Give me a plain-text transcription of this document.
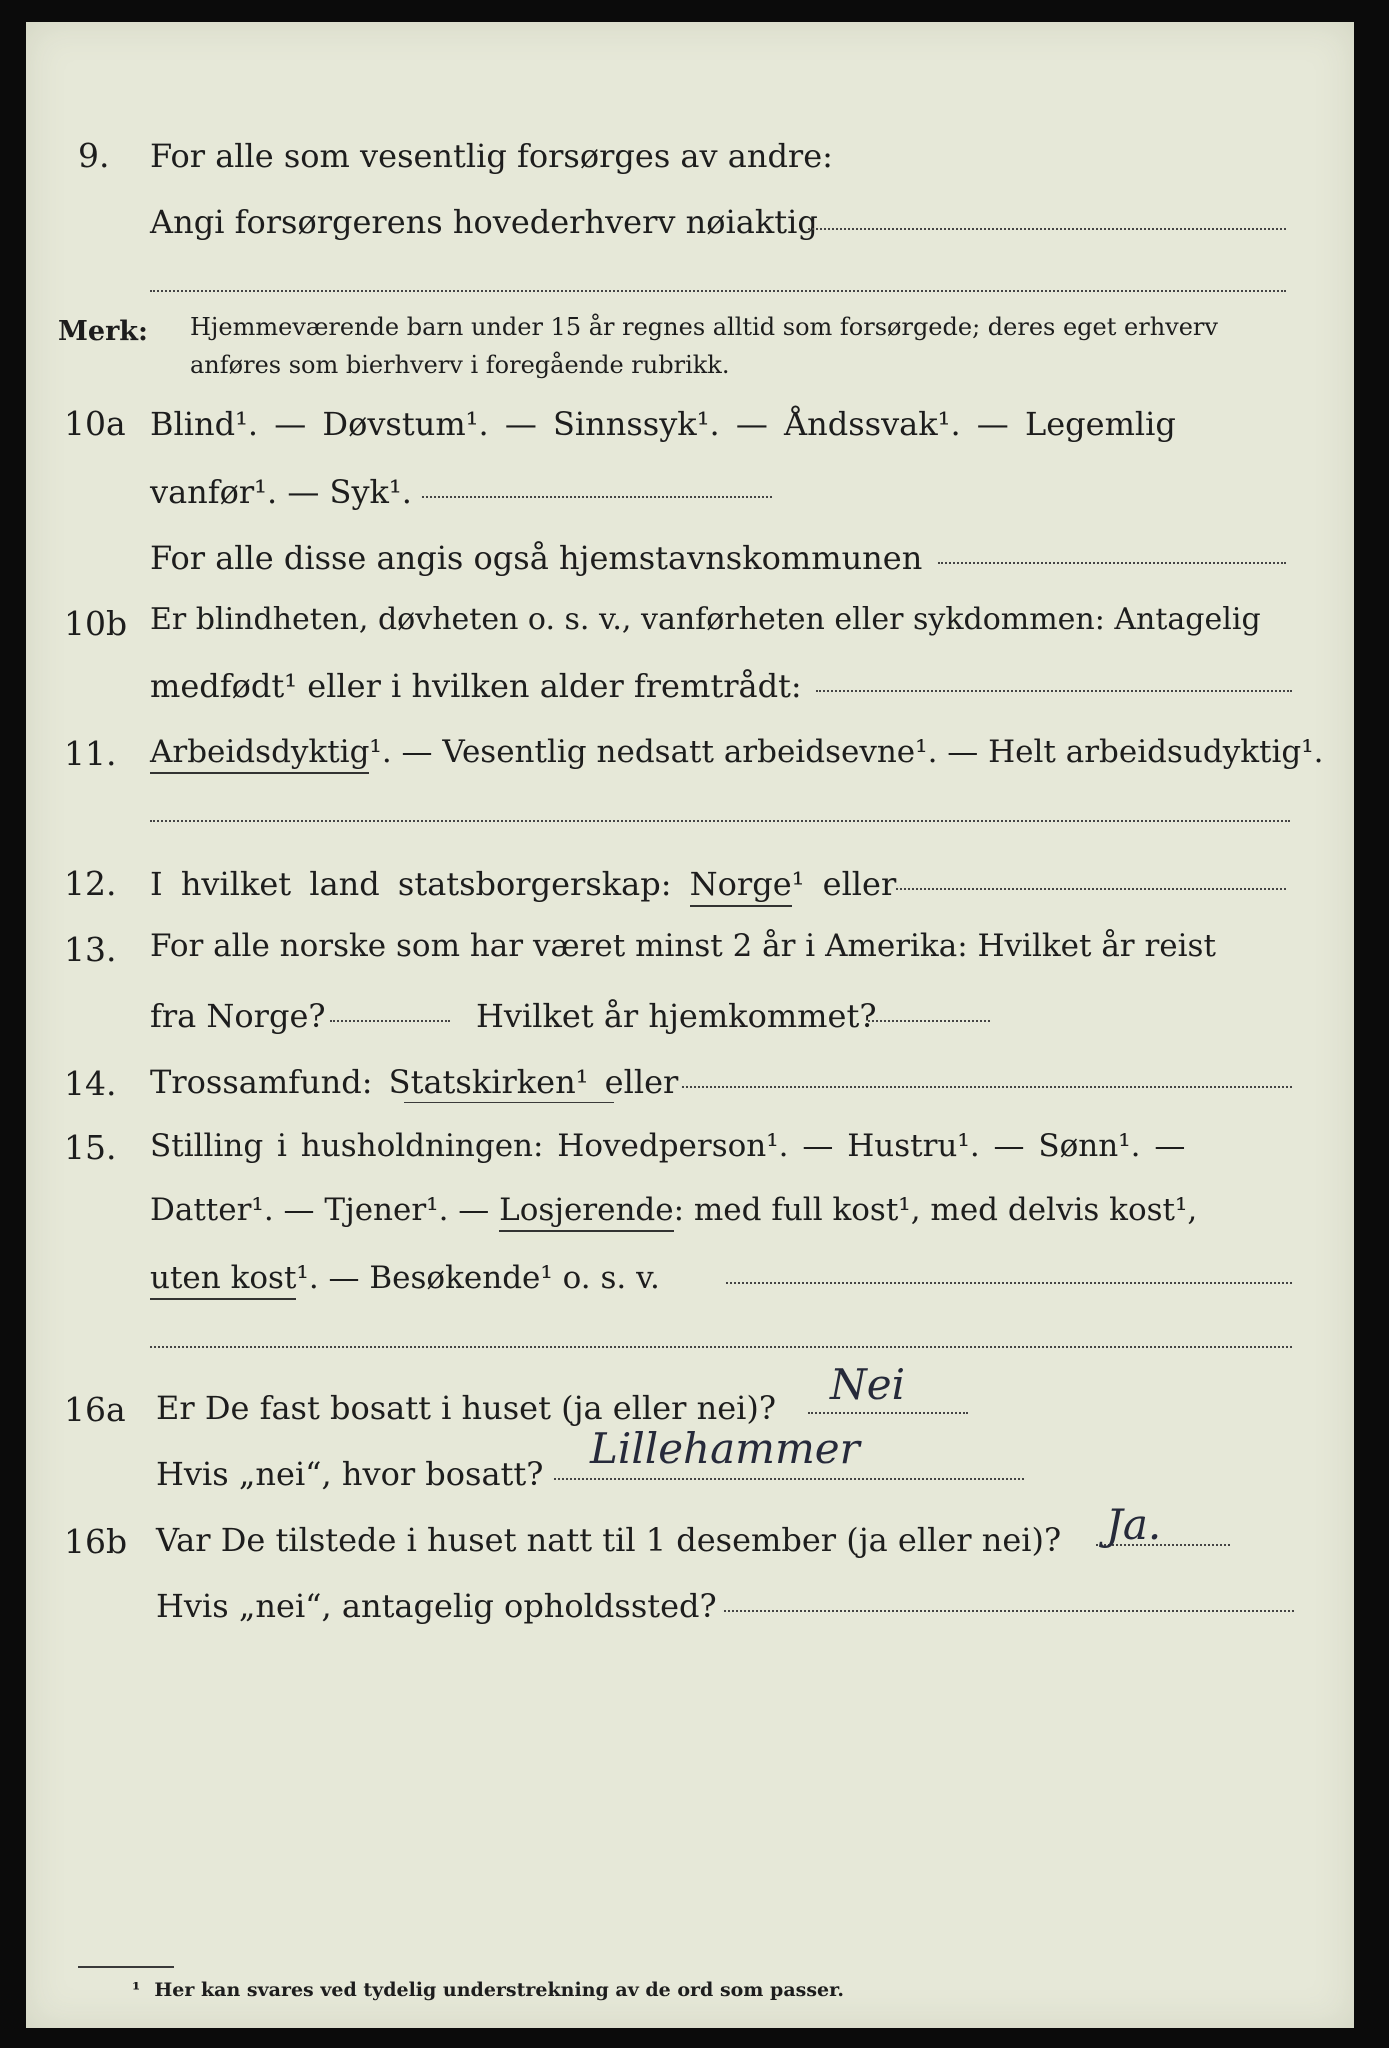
9. For alle som vesentlig forsørges av andre:
Angi forsørgerens hovederhverv nøiaktig
Merk: Hjemmeværende barn under 15 år regnes alltid som forsørgede; deres eget erhverv
anføres som bierhverv i foregående rubrikk.
10a Blind¹. — Døvstum¹. — Sinnssyk¹. — Åndssvak¹. — Legemlig
vanfør¹. — Syk¹.
For alle disse angis også hjemstavnskommunen
10b Er blindheten, døvheten o. s. v., vanførheten eller sykdommen: Antagelig
medfødt¹ eller i hvilken alder fremtrådt:
11. Arbeidsdyktig¹. — Vesentlig nedsatt arbeidsevne¹. — Helt arbeidsudyktig¹.
12. I hvilket land statsborgerskap: Norge¹ eller
13. For alle norske som har været minst 2 år i Amerika: Hvilket år reist
fra Norge?	Hvilket år hjemkommet?
14. Trossamfund: Statskirken¹ eller
15. Stilling i husholdningen: Hovedperson¹. — Hustru¹. — Sønn¹. —
Datter¹. — Tjener¹. — Losjerende: med full kost¹, med delvis kost¹,
uten kost¹. — Besøkende¹ o. s. v.
16a Er De fast bosatt i huset (ja eller nei)? Nei
Hvis „nei“, hvor bosatt?
Lillehammer
16b Var De tilstede i huset natt til 1 desember (ja eller nei)? Ja.
Hvis „nei“, antagelig opholdssted?
¹ Her kan svares ved tydelig understrekning av de ord som passer.
